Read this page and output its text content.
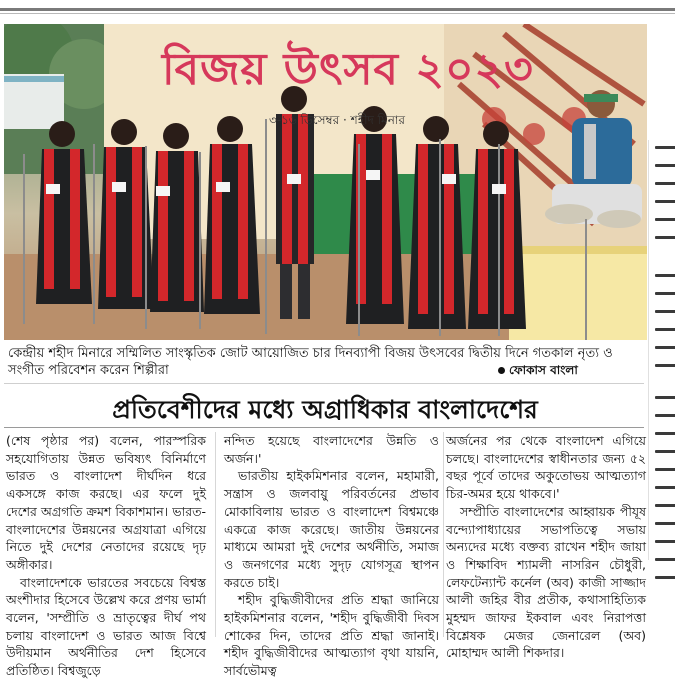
বিজয় উৎসব ২০২৩
৩-১৬ ডিসেম্বর · শহীদ মিনার
কেন্দ্রীয় শহীদ মিনারে সম্মিলিত সাংস্কৃতিক জোট আয়োজিত চার দিনব্যাপী বিজয় উৎসবের দ্বিতীয় দিনে গতকাল নৃত্য ও সংগীত পরিবেশন করেন শিল্পীরা	ফোকাস বাংলা
প্রতিবেশীদের মধ্যে অগ্রাধিকার বাংলাদেশের

(শেষ পৃষ্ঠার পর) বলেন, পারস্পরিক সহযোগিতায় উন্নত ভবিষ্যৎ বিনির্মাণে ভারত ও বাংলাদেশ দীর্ঘদিন ধরে একসঙ্গে কাজ করছে। এর ফলে দুই দেশের অগ্রগতি ক্রমশ বিকাশমান। ভারত-বাংলাদেশের উন্নয়নের অগ্রযাত্রা এগিয়ে নিতে দুই দেশের নেতাদের রয়েছে দৃঢ় অঙ্গীকার।

বাংলাদেশকে ভারতের সবচেয়ে বিশ্বস্ত অংশীদার হিসেবে উল্লেখ করে প্রণয় ভার্মা বলেন, 'সম্প্রীতি ও ভ্রাতৃত্বের দীর্ঘ পথ চলায় বাংলাদেশ ও ভারত আজ বিশ্বে উদীয়মান অর্থনীতির দেশ হিসেবে প্রতিষ্ঠিত। বিশ্বজুড়ে

নন্দিত হয়েছে বাংলাদেশের উন্নতি ও অর্জন।'

ভারতীয় হাইকমিশনার বলেন, মহামারী, সন্ত্রাস ও জলবায়ু পরিবর্তনের প্রভাব মোকাবিলায় ভারত ও বাংলাদেশ বিশ্বমঞ্চে একত্রে কাজ করেছে। জাতীয় উন্নয়নের মাধ্যমে আমরা দুই দেশের অর্থনীতি, সমাজ ও জনগণের মধ্যে সুদৃঢ় যোগসূত্র স্থাপন করতে চাই।

শহীদ বুদ্ধিজীবীদের প্রতি শ্রদ্ধা জানিয়ে হাইকমিশনার বলেন, 'শহীদ বুদ্ধিজীবী দিবস শোকের দিন, তাদের প্রতি শ্রদ্ধা জানাই। শহীদ বুদ্ধিজীবীদের আত্মত্যাগ বৃথা যায়নি, সার্বভৌমত্ব

অর্জনের পর থেকে বাংলাদেশ এগিয়ে চলছে। বাংলাদেশের স্বাধীনতার জন্য ৫২ বছর পূর্বে তাদের অকুতোভয় আত্মত্যাগ চির-অমর হয়ে থাকবে।'

সম্প্রীতি বাংলাদেশের আহ্বায়ক পীযূষ বন্দ্যোপাধ্যায়ের সভাপতিত্বে সভায় অন্যদের মধ্যে বক্তব্য রাখেন শহীদ জায়া ও শিক্ষাবিদ শ্যামলী নাসরিন চৌধুরী, লেফটেন্যান্ট কর্নেল (অব) কাজী সাজ্জাদ আলী জহির বীর প্রতীক, কথাসাহিত্যিক মুহম্মদ জাফর ইকবাল এবং নিরাপত্তা বিশ্লেষক মেজর জেনারেল (অব) মোহাম্মদ আলী শিকদার।
